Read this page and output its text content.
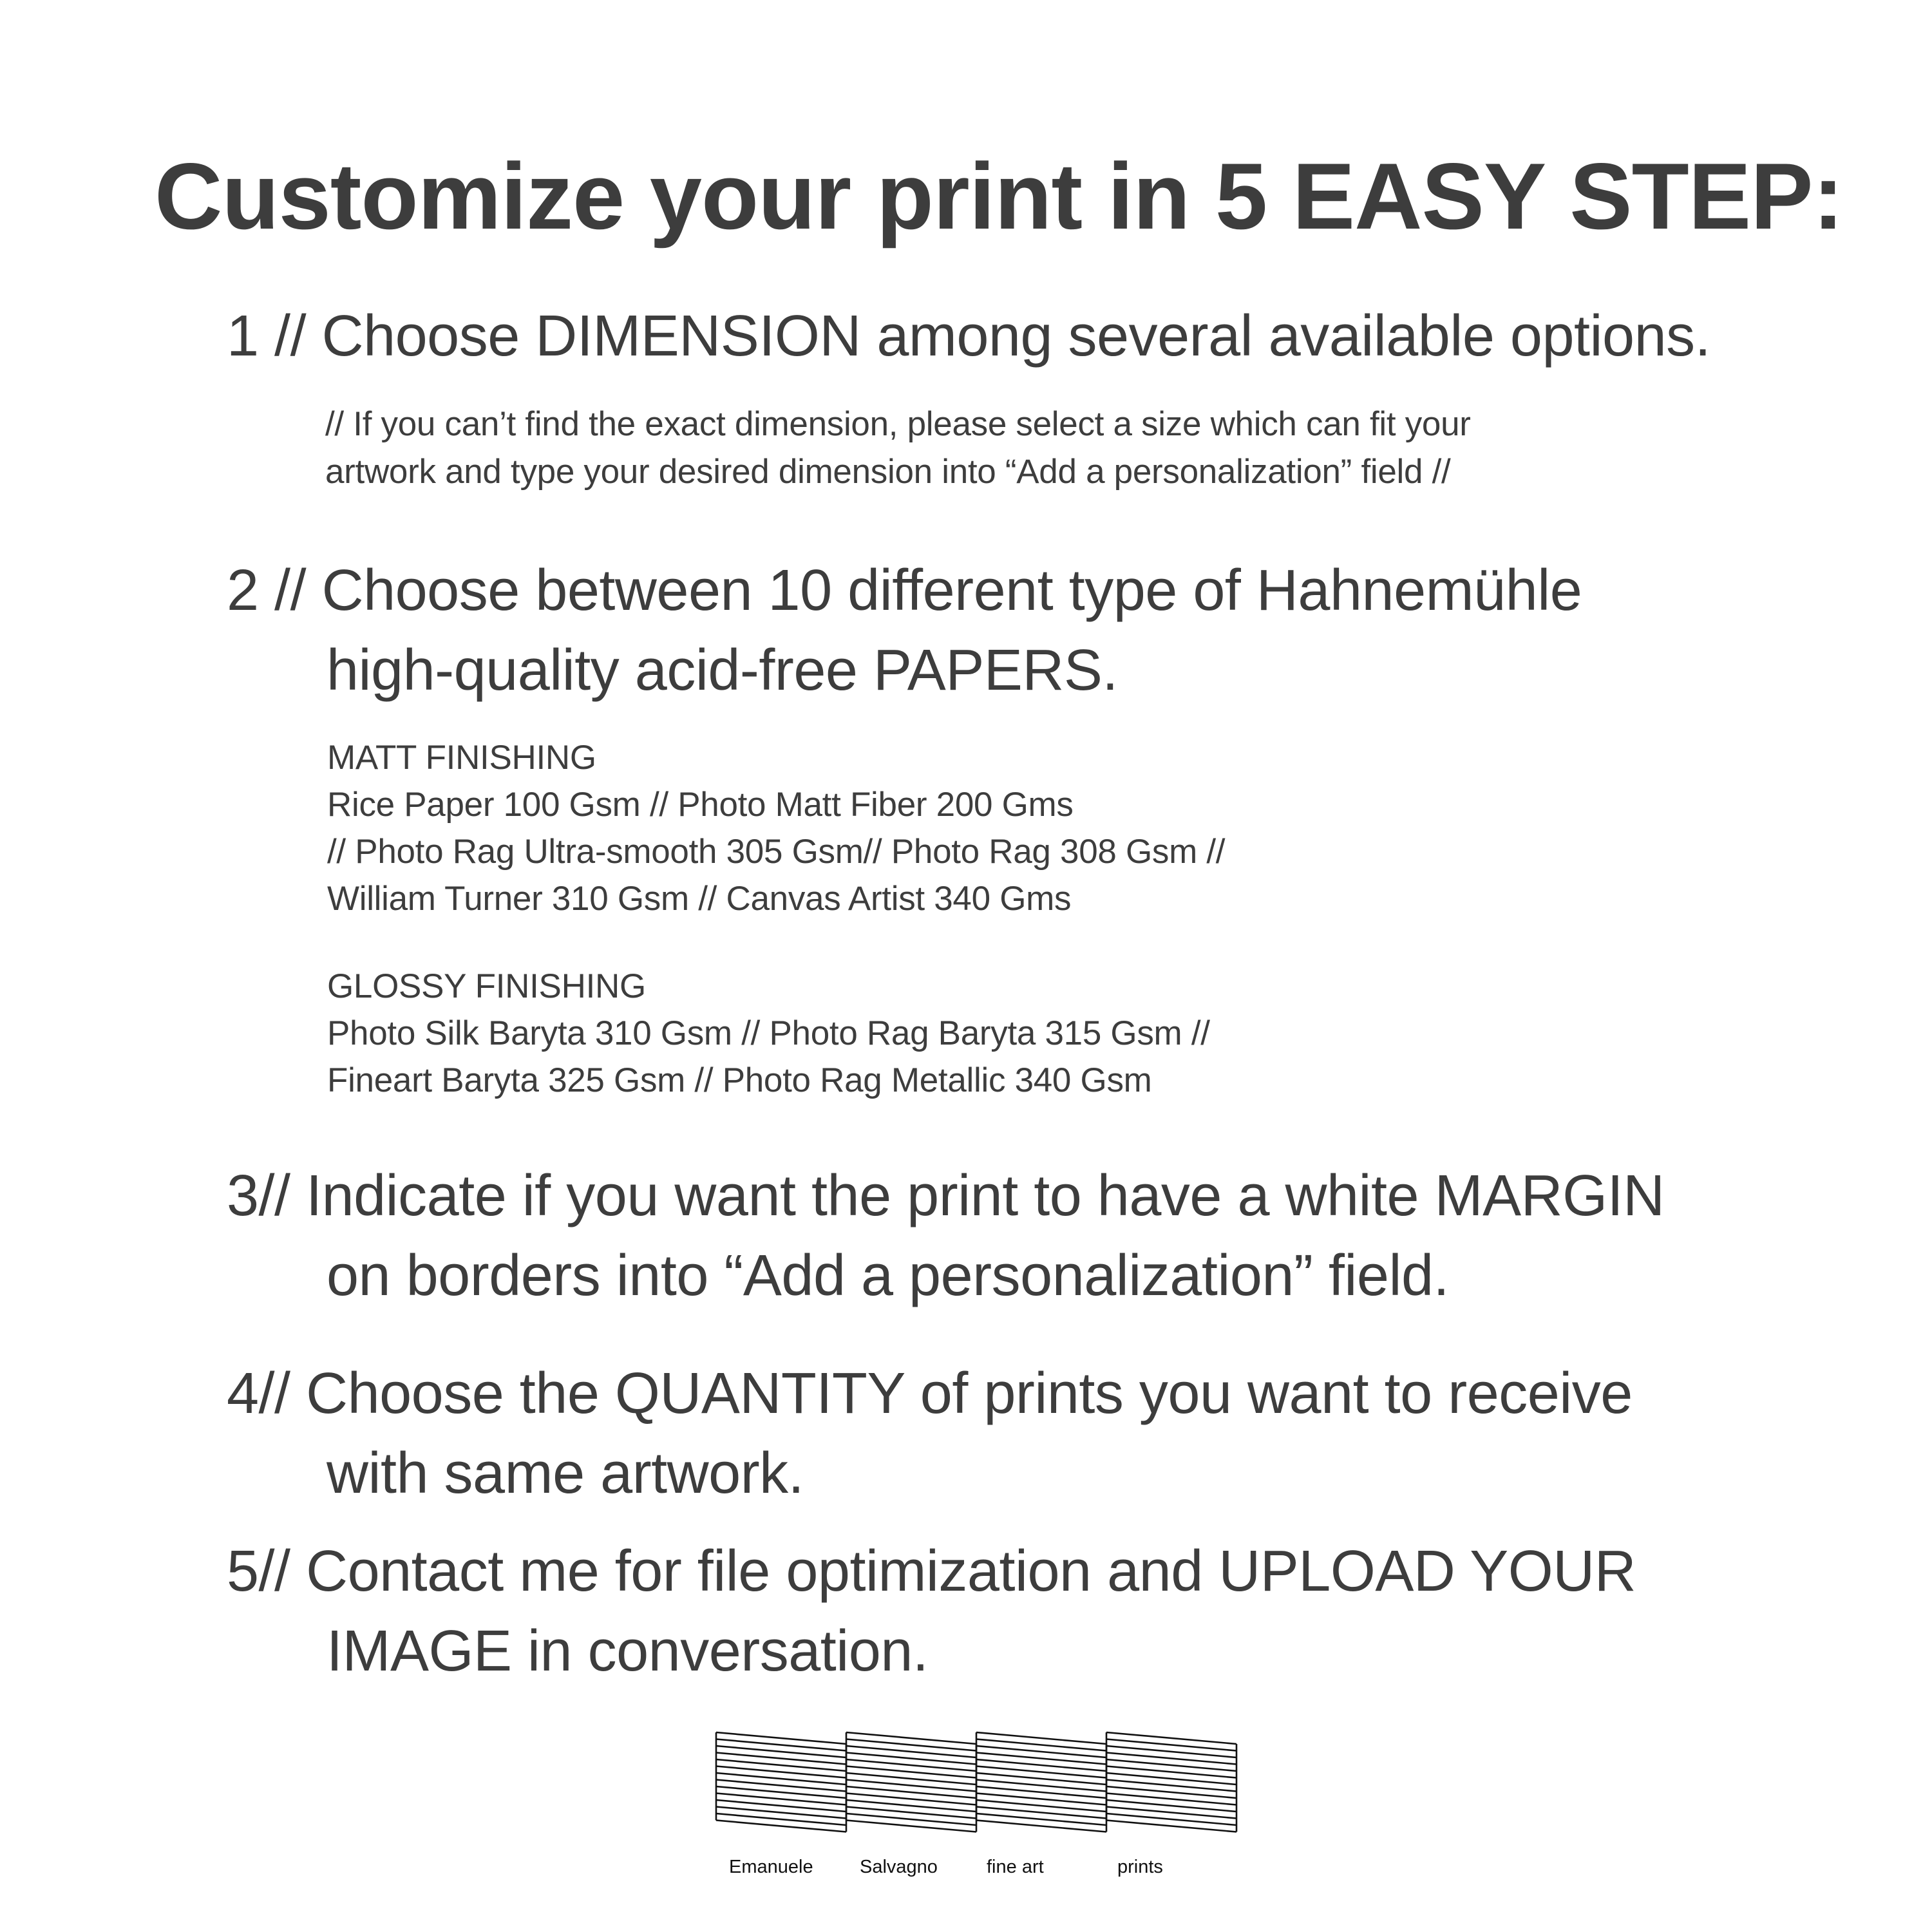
Customize your print in 5 EASY STEP:
1 // Choose DIMENSION among several available options.
// If you can’t find the exact dimension, please select a size which can fit your
artwork and type your desired dimension into “Add a personalization” field //
2 // Choose between 10 different type of Hahnemühle
high-quality acid-free PAPERS.
MATT FINISHING
Rice Paper 100 Gsm // Photo Matt Fiber 200 Gms
// Photo Rag Ultra-smooth 305 Gsm// Photo Rag 308 Gsm //
William Turner 310 Gsm // Canvas Artist 340 Gms
GLOSSY FINISHING
Photo Silk Baryta 310 Gsm // Photo Rag Baryta 315 Gsm //
Fineart Baryta 325 Gsm // Photo Rag Metallic 340 Gsm
3// Indicate if you want the print to have a white MARGIN
on borders into “Add a personalization” field.
4// Choose the QUANTITY of prints you want to receive
with same artwork.
5// Contact me for file optimization and UPLOAD YOUR
IMAGE in conversation.
Emanuele Salvagno	fine art	prints
